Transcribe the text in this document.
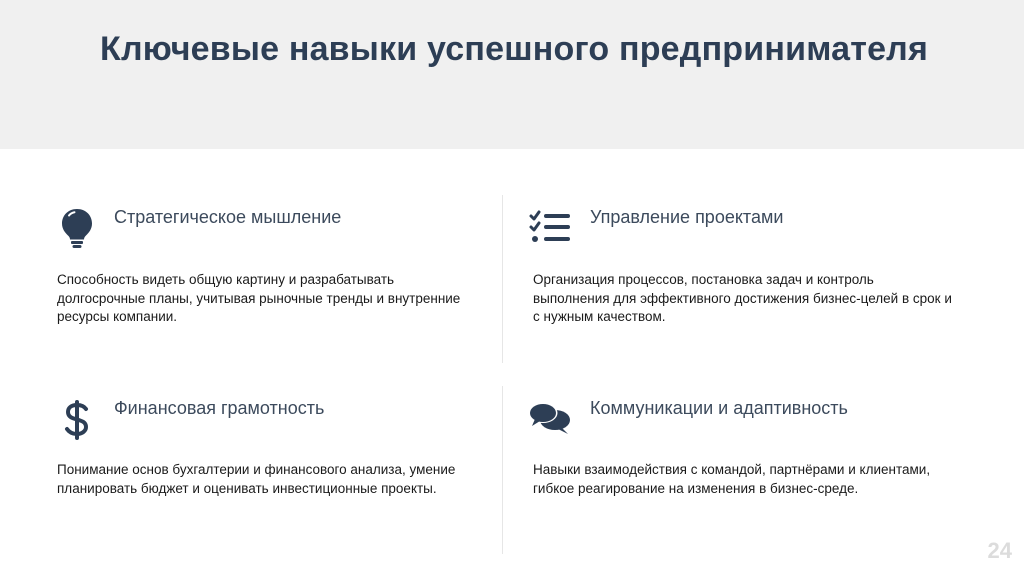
Ключевые навыки успешного предпринимателя
Стратегическое мышление
Способность видеть общую картину и разрабатывать долгосрочные планы, учитывая рыночные тренды и внутренние ресурсы компании.
Управление проектами
Организация процессов, постановка задач и контроль выполнения для эффективного достижения бизнес-целей в срок и с нужным качеством.
Финансовая грамотность
Понимание основ бухгалтерии и финансового анализа, умение планировать бюджет и оценивать инвестиционные проекты.
Коммуникации и адаптивность
Навыки взаимодействия с командой, партнёрами и клиентами, гибкое реагирование на изменения в бизнес-среде.
24
